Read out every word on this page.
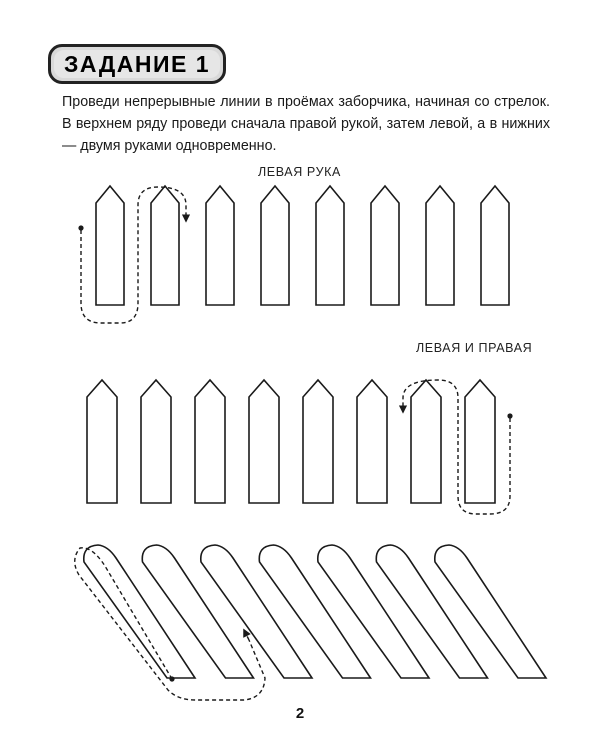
ЗАДАНИЕ 1
Проведи непрерывные линии в проёмах заборчика, начиная со стрелок. В верхнем ряду проведи сначала правой рукой, затем левой, а в нижних — двумя руками одновременно.
ЛЕВАЯ РУКА
ЛЕВАЯ И ПРАВАЯ
2
